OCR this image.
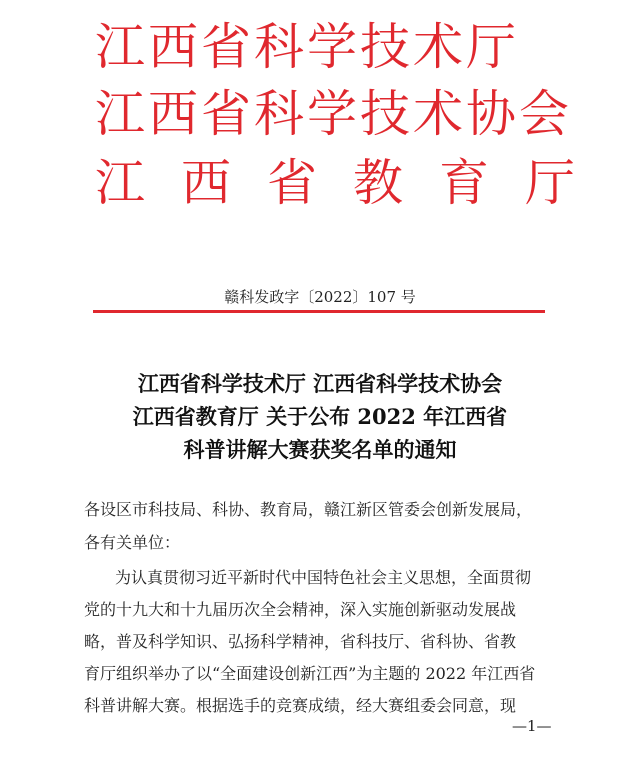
江西省科学技术厅
江西省科学技术协会
江西省教育厅
赣科发政字〔2022〕107 号
江西省科学技术厅 江西省科学技术协会
江西省教育厅 关于公布 2022 年江西省
科普讲解大赛获奖名单的通知
各设区市科技局、科协、教育局，赣江新区管委会创新发展局，
各有关单位：
为认真贯彻习近平新时代中国特色社会主义思想，全面贯彻
党的十九大和十九届历次全会精神，深入实施创新驱动发展战
略，普及科学知识、弘扬科学精神，省科技厅、省科协、省教
育厅组织举办了以“全面建设创新江西”为主题的 2022 年江西省
科普讲解大赛。根据选手的竞赛成绩，经大赛组委会同意，现
—1—
